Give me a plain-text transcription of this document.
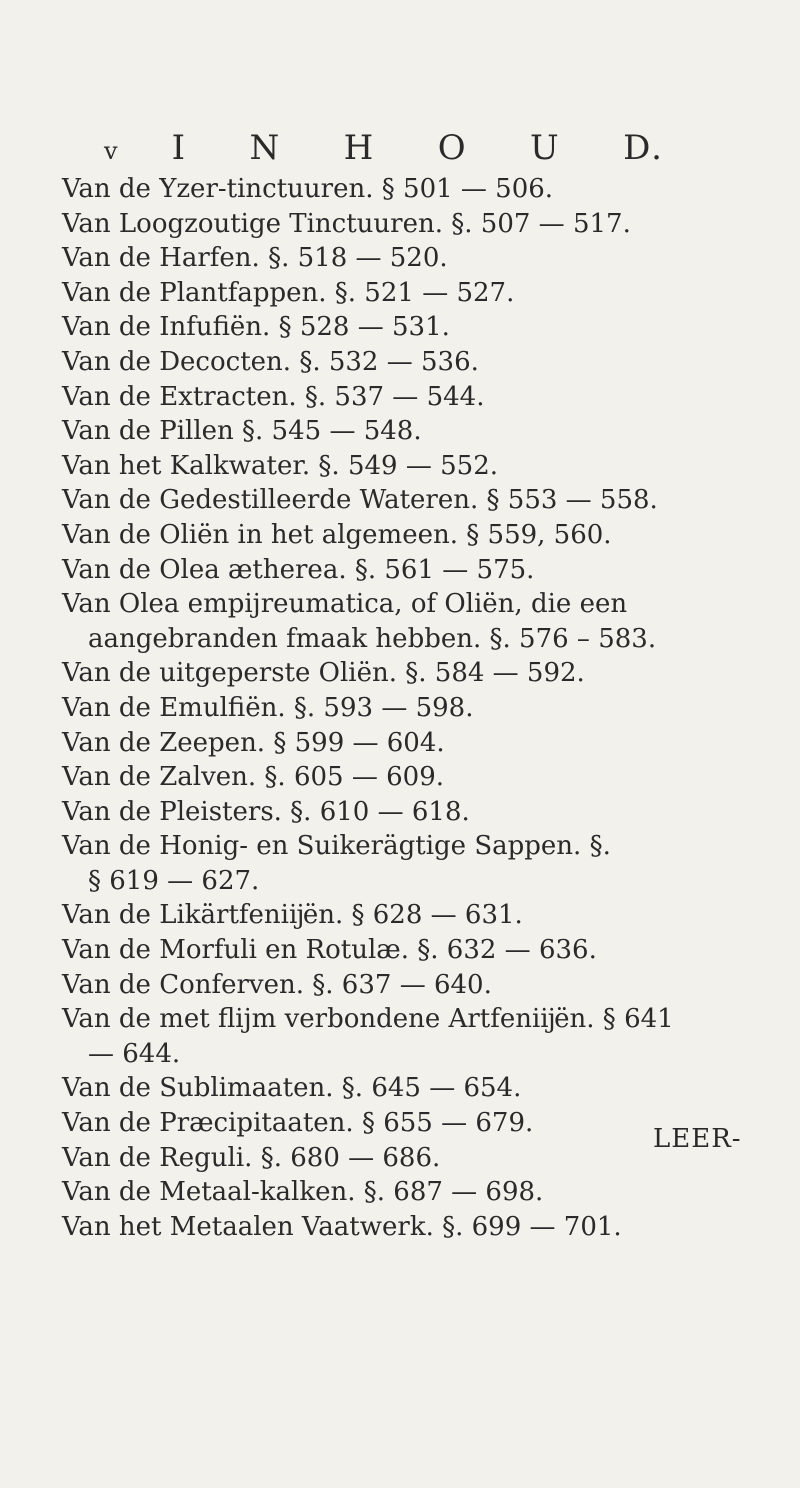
v I N H O U D.
Van de Yzer-tinctuuren. § 501 — 506.
Van Loogzoutige Tinctuuren. §. 507 — 517.
Van de Harfen. §. 518 — 520.
Van de Plantfappen. §. 521 — 527.
Van de Infufiën. § 528 — 531.
Van de Decocten. §. 532 — 536.
Van de Extracten. §. 537 — 544.
Van de Pillen §. 545 — 548.
Van het Kalkwater. §. 549 — 552.
Van de Gedestilleerde Wateren. § 553 — 558.
Van de Oliën in het algemeen. § 559, 560.
Van de Olea ætherea. §. 561 — 575.
Van Olea empijreumatica, of Oliën, die een
aangebranden fmaak hebben. §. 576 – 583.
Van de uitgeperste Oliën. §. 584 — 592.
Van de Emulfiën. §. 593 — 598.
Van de Zeepen. § 599 — 604.
Van de Zalven. §. 605 — 609.
Van de Pleisters. §. 610 — 618.
Van de Honig- en Suikerägtige Sappen. §.
§ 619 — 627.
Van de Likärtfeniĳën. § 628 — 631.
Van de Morfuli en Rotulæ. §. 632 — 636.
Van de Conferven. §. 637 — 640.
Van de met flijm verbondene Artfeniĳën. § 641
— 644.
Van de Sublimaaten. §. 645 — 654.
Van de Præcipitaaten. § 655 — 679.
Van de Reguli. §. 680 — 686.
Van de Metaal-kalken. §. 687 — 698.
Van het Metaalen Vaatwerk. §. 699 — 701.
LEER-
